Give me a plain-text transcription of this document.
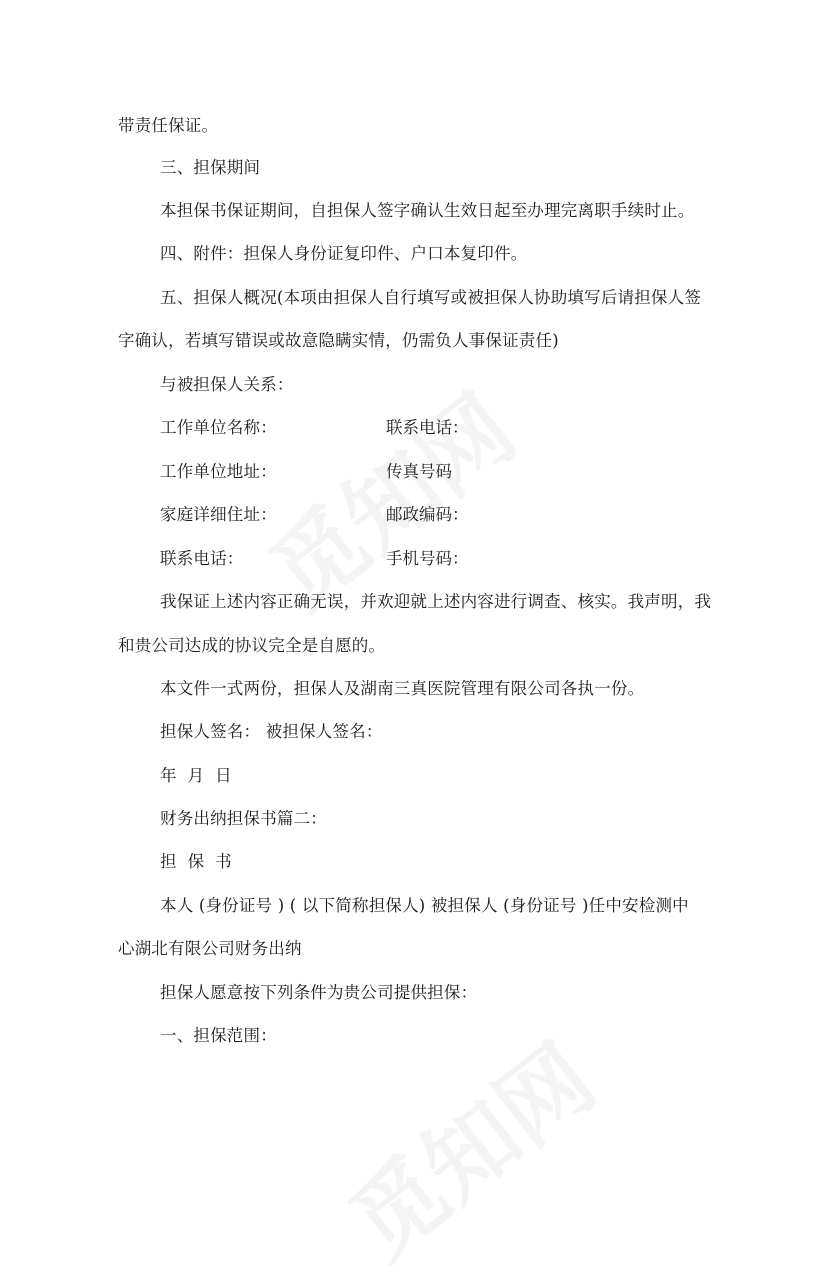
带责任保证。
三、担保期间
本担保书保证期间，自担保人签字确认生效日起至办理完离职手续时止。
四、附件：担保人身份证复印件、户口本复印件。
五、担保人概况(本项由担保人自行填写或被担保人协助填写后请担保人签
字确认，若填写错误或故意隐瞒实情，仍需负人事保证责任)
与被担保人关系：
工作单位名称：	联系电话：
工作单位地址：	传真号码
家庭详细住址：	邮政编码：
联系电话：	手机号码：
我保证上述内容正确无误，并欢迎就上述内容进行调查、核实。我声明，我
和贵公司达成的协议完全是自愿的。
本文件一式两份，担保人及湖南三真医院管理有限公司各执一份。
担保人签名： 被担保人签名：
年  月  日
财务出纳担保书篇二：
担  保  书
本人 (身份证号 ) ( 以下简称担保人) 被担保人 (身份证号 )任中安检测中
心湖北有限公司财务出纳
担保人愿意按下列条件为贵公司提供担保：
一、担保范围：
